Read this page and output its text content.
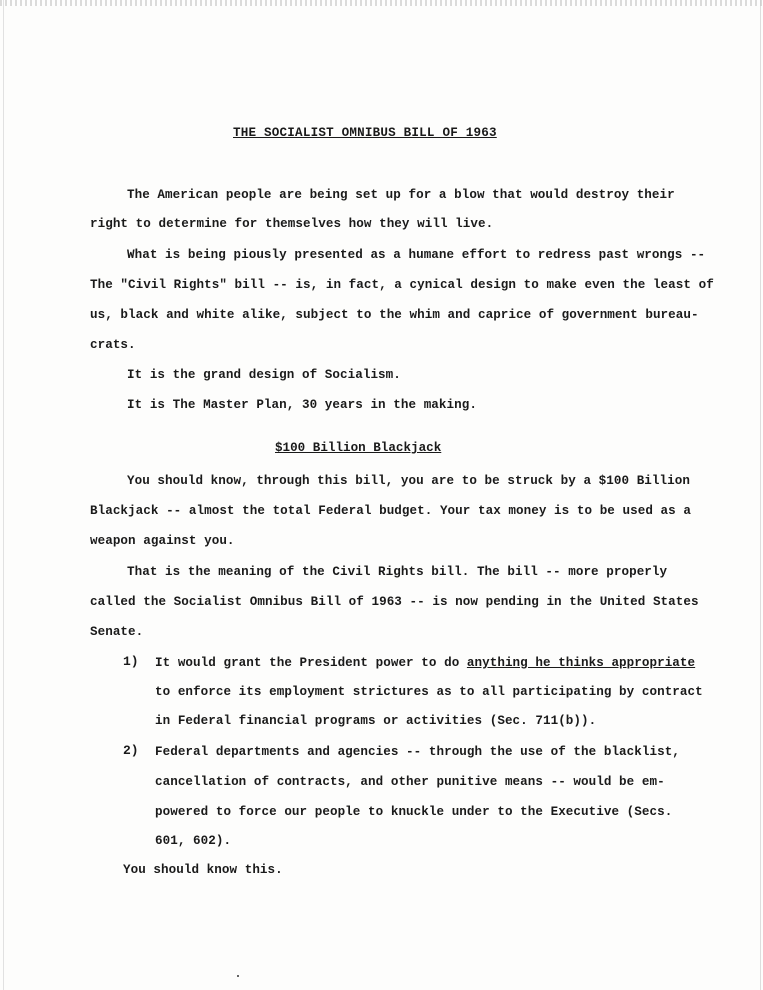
THE SOCIALIST OMNIBUS BILL OF 1963
The American people are being set up for a blow that would destroy their
right to determine for themselves how they will live.
What is being piously presented as a humane effort to redress past wrongs --
The "Civil Rights" bill -- is, in fact, a cynical design to make even the least of
us, black and white alike, subject to the whim and caprice of government bureau-
crats.
It is the grand design of Socialism.
It is The Master Plan, 30 years in the making.
$100 Billion Blackjack
You should know, through this bill, you are to be struck by a $100 Billion
Blackjack -- almost the total Federal budget. Your tax money is to be used as a
weapon against you.
That is the meaning of the Civil Rights bill. The bill -- more properly
called the Socialist Omnibus Bill of 1963 -- is now pending in the United States
Senate.
1) It would grant the President power to do anything he thinks appropriate
to enforce its employment strictures as to all participating by contract
in Federal financial programs or activities (Sec. 711(b)).
2) Federal departments and agencies -- through the use of the blacklist,
cancellation of contracts, and other punitive means -- would be em-
powered to force our people to knuckle under to the Executive (Secs.
601, 602).
You should know this.
